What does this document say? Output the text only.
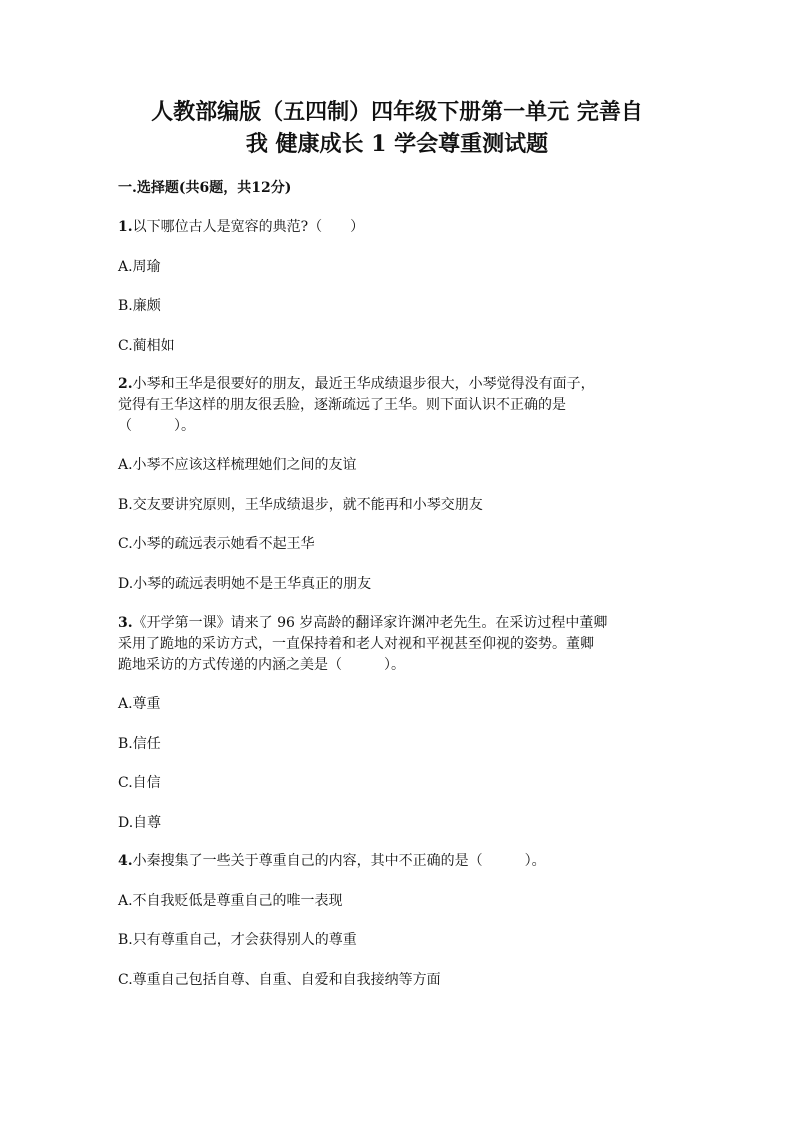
人教部编版（五四制）四年级下册第一单元 完善自
我 健康成长 1 学会尊重测试题

一.选择题(共6题，共12分)

1.以下哪位古人是宽容的典范?（　　）

A.周瑜

B.廉颇

C.蔺相如

2.小琴和王华是很要好的朋友，最近王华成绩退步很大，小琴觉得没有面子，

觉得有王华这样的朋友很丢脸，逐渐疏远了王华。则下面认识不正确的是

（　　　）。

A.小琴不应该这样梳理她们之间的友谊

B.交友要讲究原则，王华成绩退步，就不能再和小琴交朋友

C.小琴的疏远表示她看不起王华

D.小琴的疏远表明她不是王华真正的朋友

3.《开学第一课》请来了 96 岁高龄的翻译家许渊冲老先生。在采访过程中董卿

采用了跪地的采访方式，一直保持着和老人对视和平视甚至仰视的姿势。董卿

跪地采访的方式传递的内涵之美是（　　　）。

A.尊重

B.信任

C.自信

D.自尊

4.小秦搜集了一些关于尊重自己的内容，其中不正确的是（　　　）。

A.不自我贬低是尊重自己的唯一表现

B.只有尊重自己，才会获得别人的尊重

C.尊重自己包括自尊、自重、自爱和自我接纳等方面
